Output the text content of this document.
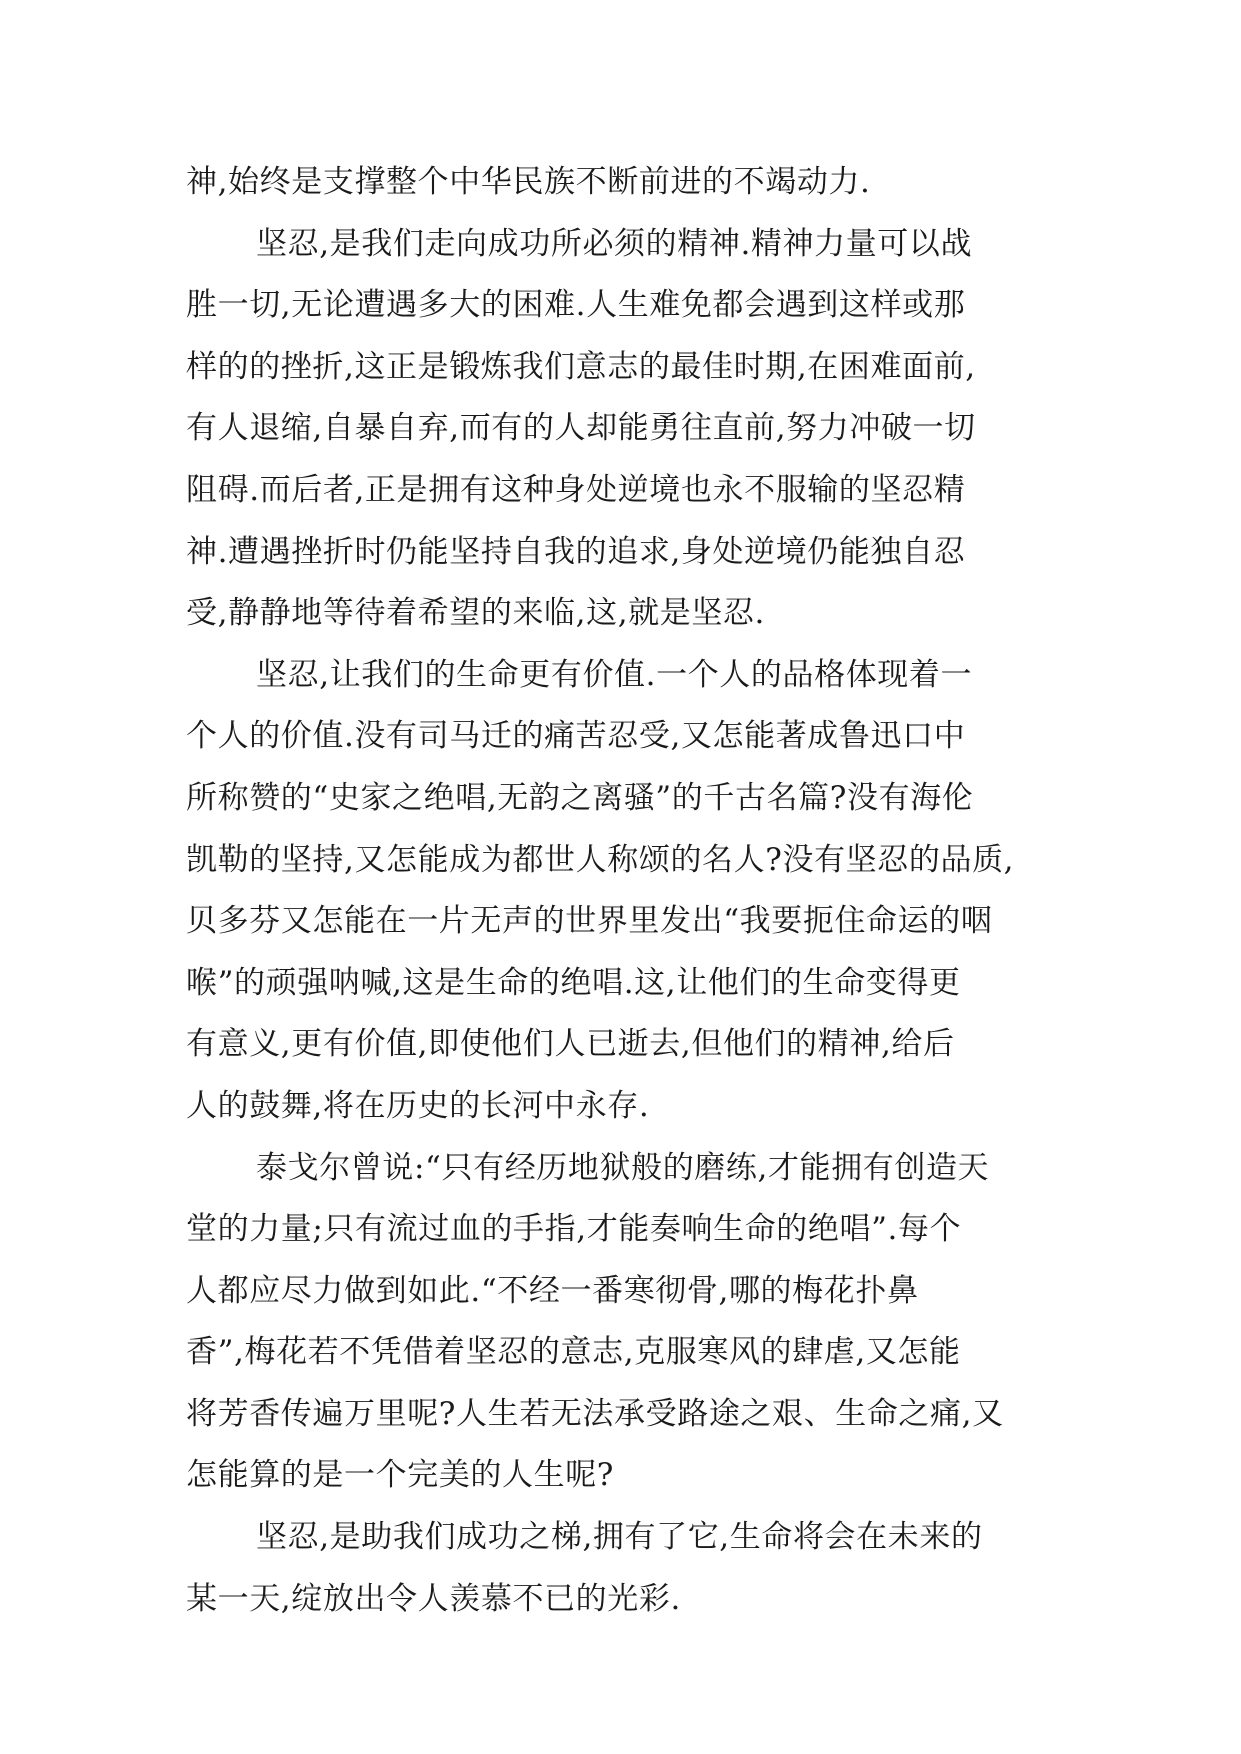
神,始终是支撑整个中华民族不断前进的不竭动力.
坚忍,是我们走向成功所必须的精神.精神力量可以战
胜一切,无论遭遇多大的困难.人生难免都会遇到这样或那
样的的挫折,这正是锻炼我们意志的最佳时期,在困难面前,
有人退缩,自暴自弃,而有的人却能勇往直前,努力冲破一切
阻碍.而后者,正是拥有这种身处逆境也永不服输的坚忍精
神.遭遇挫折时仍能坚持自我的追求,身处逆境仍能独自忍
受,静静地等待着希望的来临,这,就是坚忍.
坚忍,让我们的生命更有价值.一个人的品格体现着一
个人的价值.没有司马迁的痛苦忍受,又怎能著成鲁迅口中
所称赞的“史家之绝唱,无韵之离骚”的千古名篇?没有海伦
凯勒的坚持,又怎能成为都世人称颂的名人?没有坚忍的品质,
贝多芬又怎能在一片无声的世界里发出“我要扼住命运的咽
喉”的顽强呐喊,这是生命的绝唱.这,让他们的生命变得更
有意义,更有价值,即使他们人已逝去,但他们的精神,给后
人的鼓舞,将在历史的长河中永存.
泰戈尔曾说:“只有经历地狱般的磨练,才能拥有创造天
堂的力量;只有流过血的手指,才能奏响生命的绝唱”.每个
人都应尽力做到如此.“不经一番寒彻骨,哪的梅花扑鼻
香”,梅花若不凭借着坚忍的意志,克服寒风的肆虐,又怎能
将芳香传遍万里呢?人生若无法承受路途之艰、生命之痛,又
怎能算的是一个完美的人生呢?
坚忍,是助我们成功之梯,拥有了它,生命将会在未来的
某一天,绽放出令人羡慕不已的光彩.
